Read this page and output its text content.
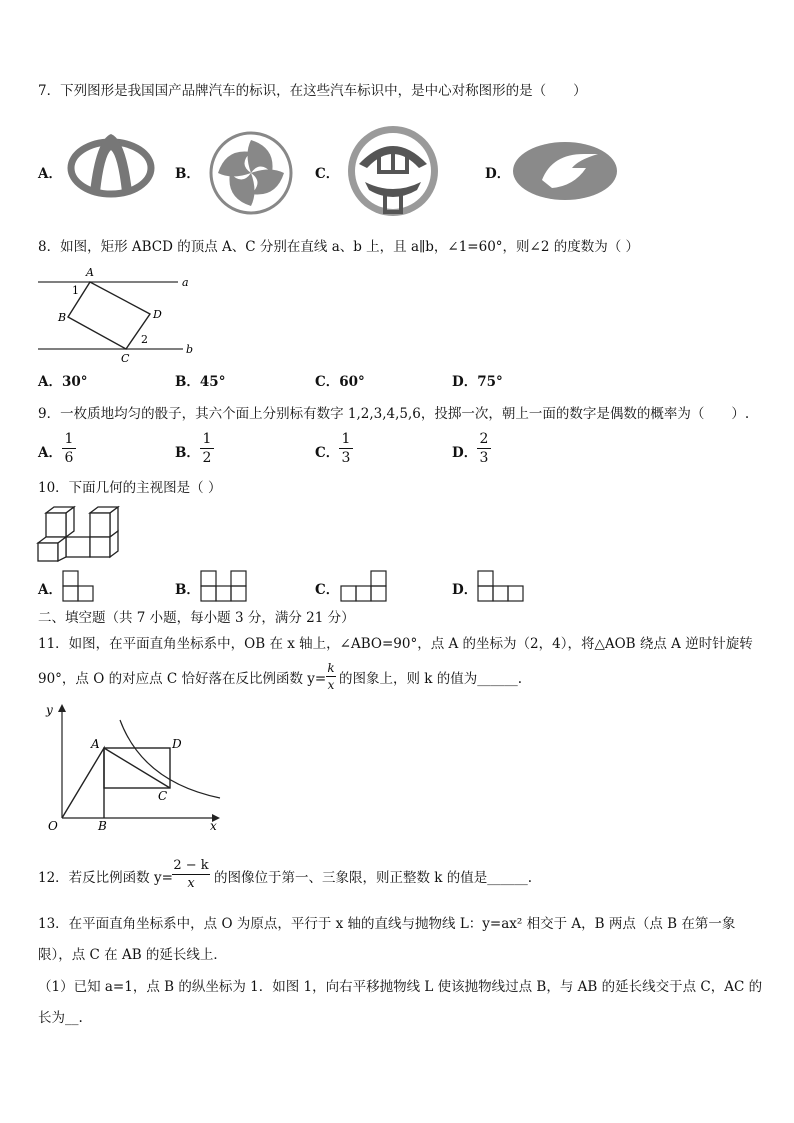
7．下列图形是我国国产品牌汽车的标识，在这些汽车标识中，是中心对称图形的是（　　）
A．	B．	C．	D．
8．如图，矩形 ABCD 的顶点 A、C 分别在直线 a、b 上，且 a∥b，∠1=60°，则∠2 的度数为（ ）
A
B
C
D
a
b
1
2
A．30°	B．45°	C．60°	D．75°
9．一枚质地均匀的骰子，其六个面上分别标有数字 1,2,3,4,5,6，投掷一次，朝上一面的数字是偶数的概率为（　　）.
A．
1
6	B．
1
2	C．
1
3	D．
2
3
10．下面几何的主视图是（ ）
A．	B．	C．	D．
二、填空题（共 7 小题，每小题 3 分，满分 21 分）
11．如图，在平面直角坐标系中，OB 在 x 轴上，∠ABO=90°，点 A 的坐标为（2，4），将△AOB 绕点 A 逆时针旋转
90°，点 O 的对应点 C 恰好落在反比例函数 y=
k
x 的图象上，则 k 的值为______.
y
x
O
A
B
C
D
12．若反比例函数 y=
2 − k
x	的图像位于第一、三象限，则正整数 k 的值是______.
13．在平面直角坐标系中，点 O 为原点，平行于 x 轴的直线与抛物线 L：y=ax² 相交于 A，B 两点（点 B 在第一象
限），点 C 在 AB 的延长线上．
（1）已知 a=1，点 B 的纵坐标为 1．如图 1，向右平移抛物线 L 使该抛物线过点 B，与 AB 的延长线交于点 C，AC 的
长为__.
